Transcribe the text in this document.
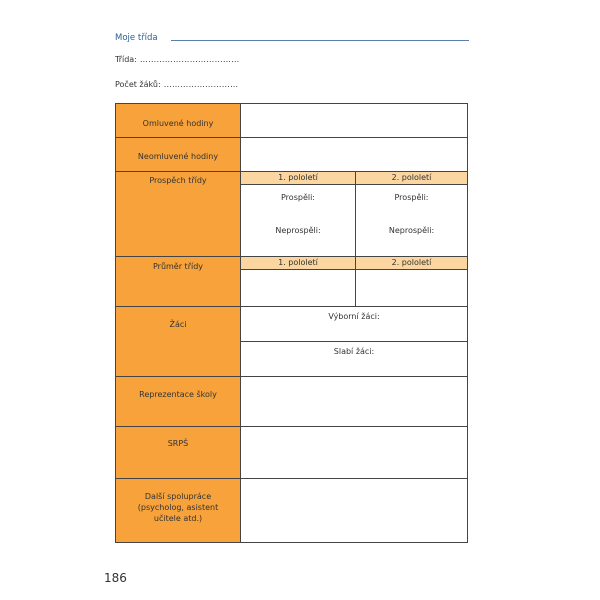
Moje třída
Třída: ………………………………
Počet žáků: ………………………
Omluvené hodiny
Neomluvené hodiny
Prospěch třídy
Průměr třídy
Žáci
Reprezentace školy
SRPŠ
Další spolupráce
(psycholog, asistent
učitele atd.)
1. pololetí	2. pololetí
1. pololetí	2. pololetí
Prospěli:
Neprospěli:
Prospěli:
Neprospěli:
Výborní žáci:
Slabí žáci:
186
